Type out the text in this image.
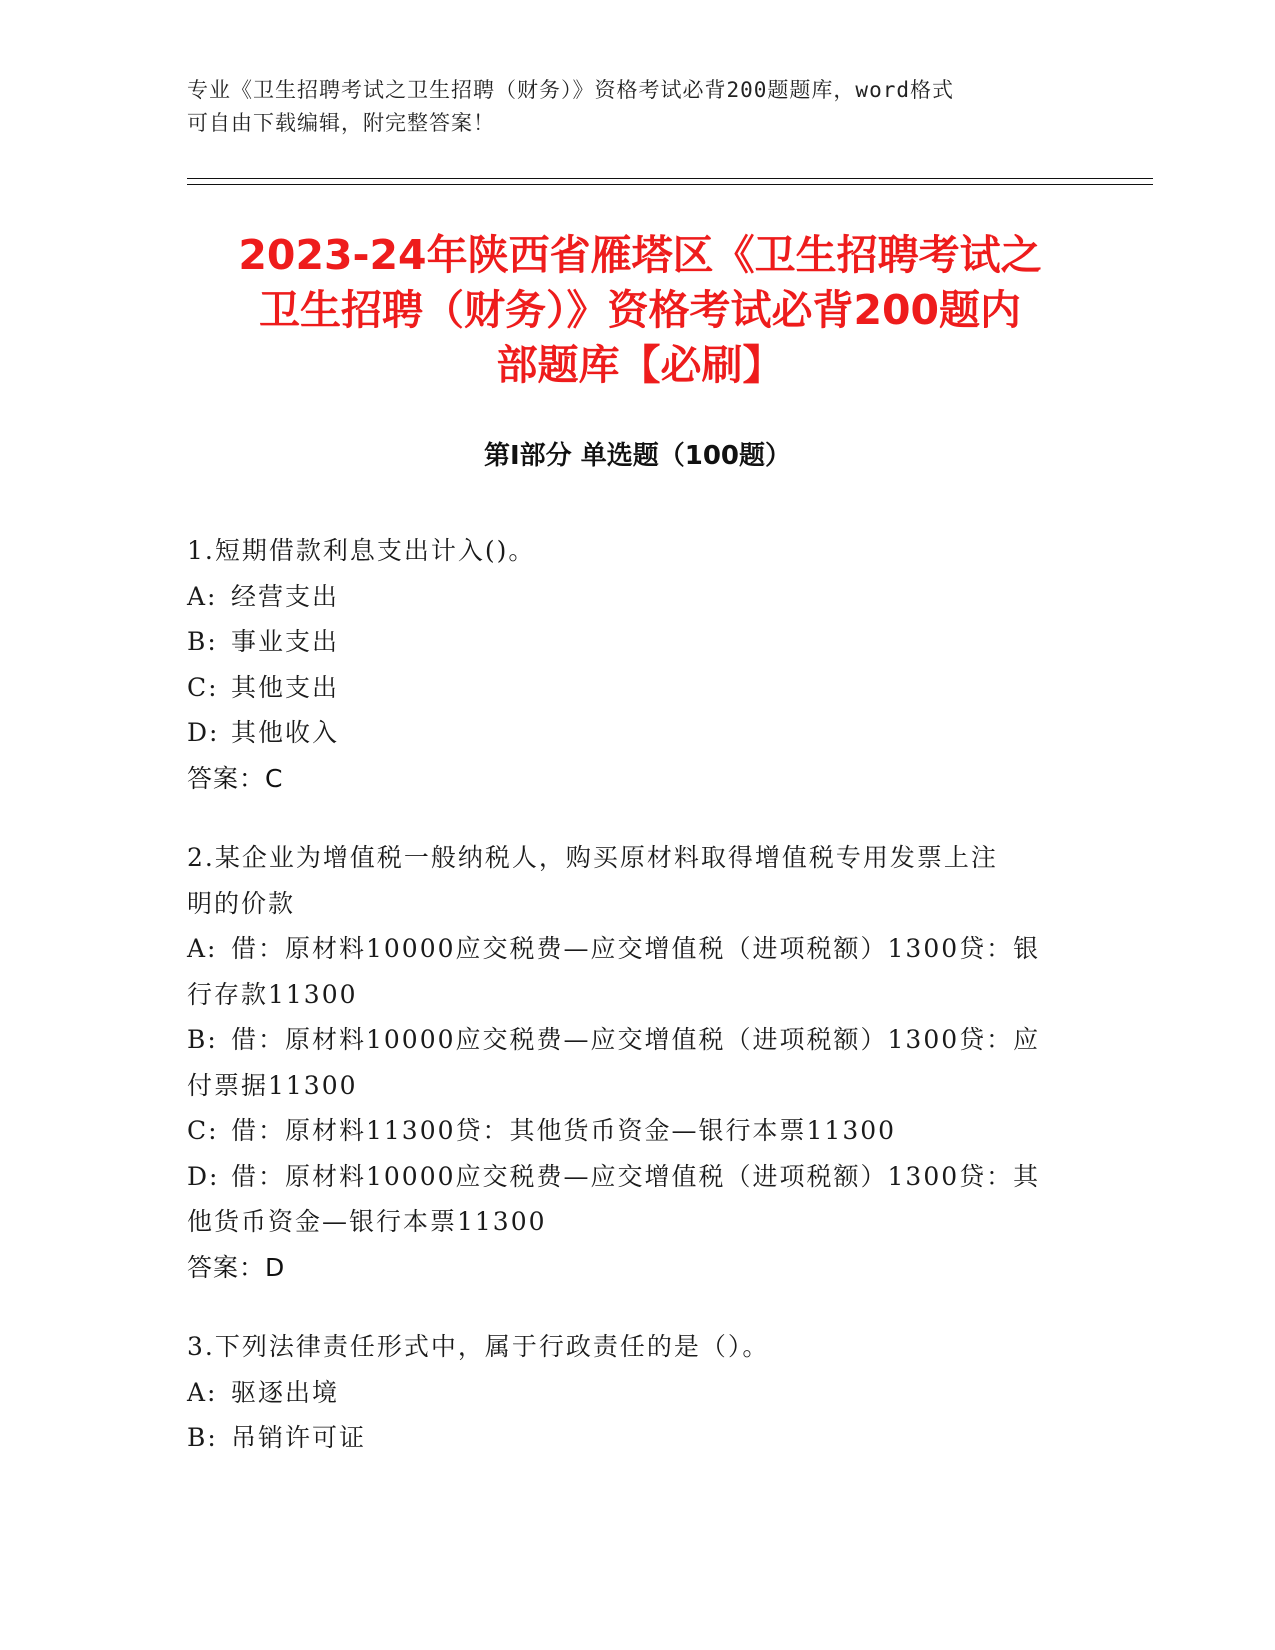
专业《卫生招聘考试之卫生招聘（财务）》资格考试必背200题题库，word格式
可自由下载编辑，附完整答案！
2023-24年陕西省雁塔区《卫生招聘考试之
卫生招聘（财务）》资格考试必背200题内
部题库【必刷】
第Ⅰ部分 单选题（100题）
1.短期借款利息支出计入()。
A: 经营支出
B: 事业支出
C: 其他支出
D: 其他收入
答案：C
2.某企业为增值税一般纳税人，购买原材料取得增值税专用发票上注
明的价款
A: 借：原材料10000应交税费—应交增值税（进项税额）1300贷：银
行存款11300
B: 借：原材料10000应交税费—应交增值税（进项税额）1300贷：应
付票据11300
C: 借：原材料11300贷：其他货币资金—银行本票11300
D: 借：原材料10000应交税费—应交增值税（进项税额）1300贷：其
他货币资金—银行本票11300
答案：D
3.下列法律责任形式中，属于行政责任的是（）。
A: 驱逐出境
B: 吊销许可证
